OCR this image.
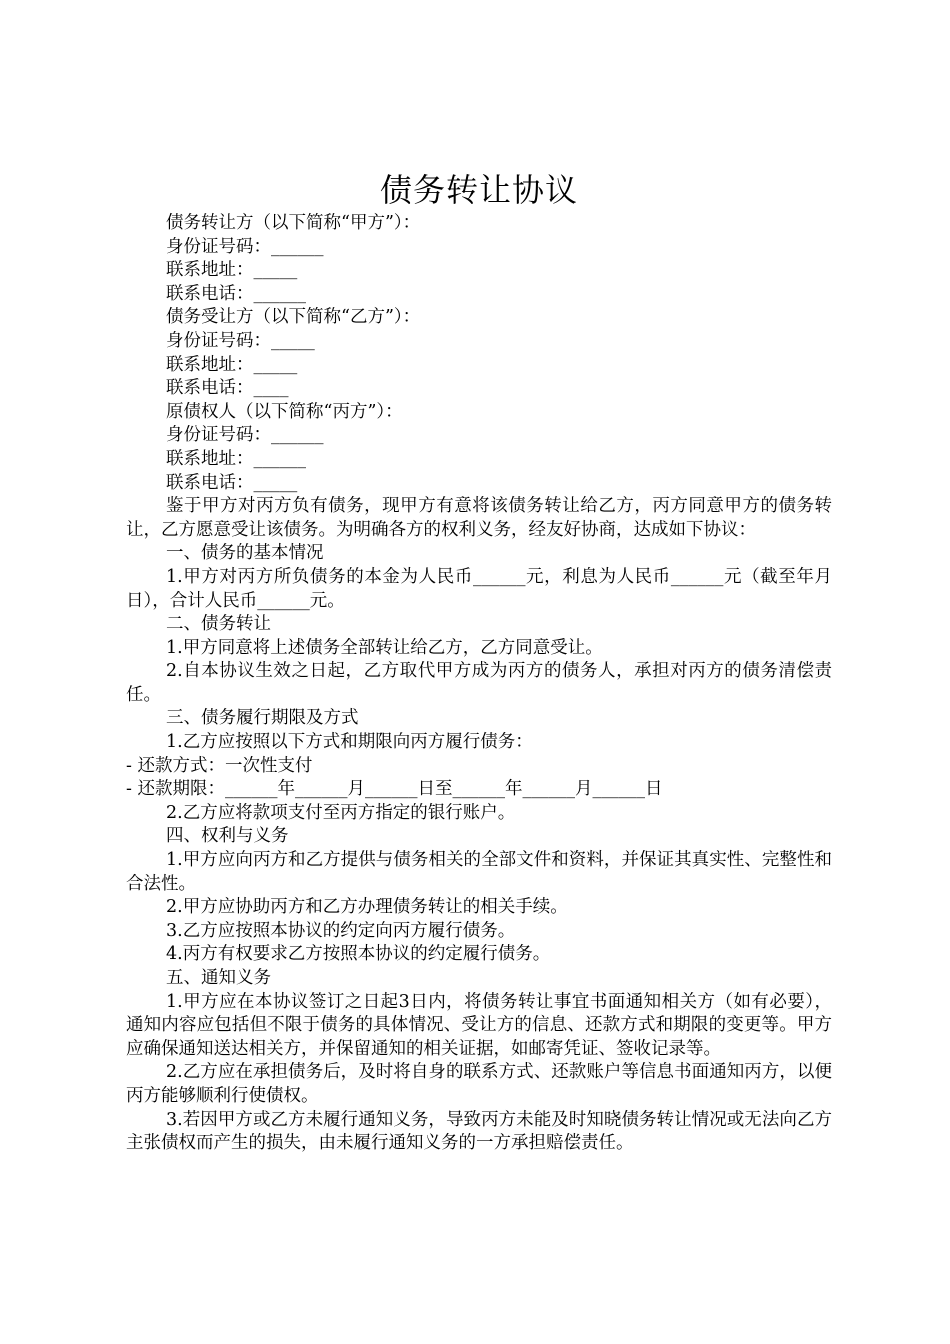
债务转让协议

债务转让方（以下简称“甲方”）：

身份证号码：______

联系地址：_____

联系电话：______

债务受让方（以下简称“乙方”）：

身份证号码：_____

联系地址：_____

联系电话：____

原债权人（以下简称“丙方”）：

身份证号码：______

联系地址：______

联系电话：_____

鉴于甲方对丙方负有债务，现甲方有意将该债务转让给乙方，丙方同意甲方的债务转让，乙方愿意受让该债务。为明确各方的权利义务，经友好协商，达成如下协议：

一、债务的基本情况

1.甲方对丙方所负债务的本金为人民币______元，利息为人民币______元（截至年月日），合计人民币______元。

二、债务转让

1.甲方同意将上述债务全部转让给乙方，乙方同意受让。

2.自本协议生效之日起，乙方取代甲方成为丙方的债务人，承担对丙方的债务清偿责任。

三、债务履行期限及方式

1.乙方应按照以下方式和期限向丙方履行债务：

- 还款方式：一次性支付

- 还款期限：______年______月______日至______年______月______日

2.乙方应将款项支付至丙方指定的银行账户。

四、权利与义务

1.甲方应向丙方和乙方提供与债务相关的全部文件和资料，并保证其真实性、完整性和合法性。

2.甲方应协助丙方和乙方办理债务转让的相关手续。

3.乙方应按照本协议的约定向丙方履行债务。

4.丙方有权要求乙方按照本协议的约定履行债务。

五、通知义务

1.甲方应在本协议签订之日起3日内，将债务转让事宜书面通知相关方（如有必要），通知内容应包括但不限于债务的具体情况、受让方的信息、还款方式和期限的变更等。甲方应确保通知送达相关方，并保留通知的相关证据，如邮寄凭证、签收记录等。

2.乙方应在承担债务后，及时将自身的联系方式、还款账户等信息书面通知丙方，以便丙方能够顺利行使债权。

3.若因甲方或乙方未履行通知义务，导致丙方未能及时知晓债务转让情况或无法向乙方主张债权而产生的损失，由未履行通知义务的一方承担赔偿责任。
